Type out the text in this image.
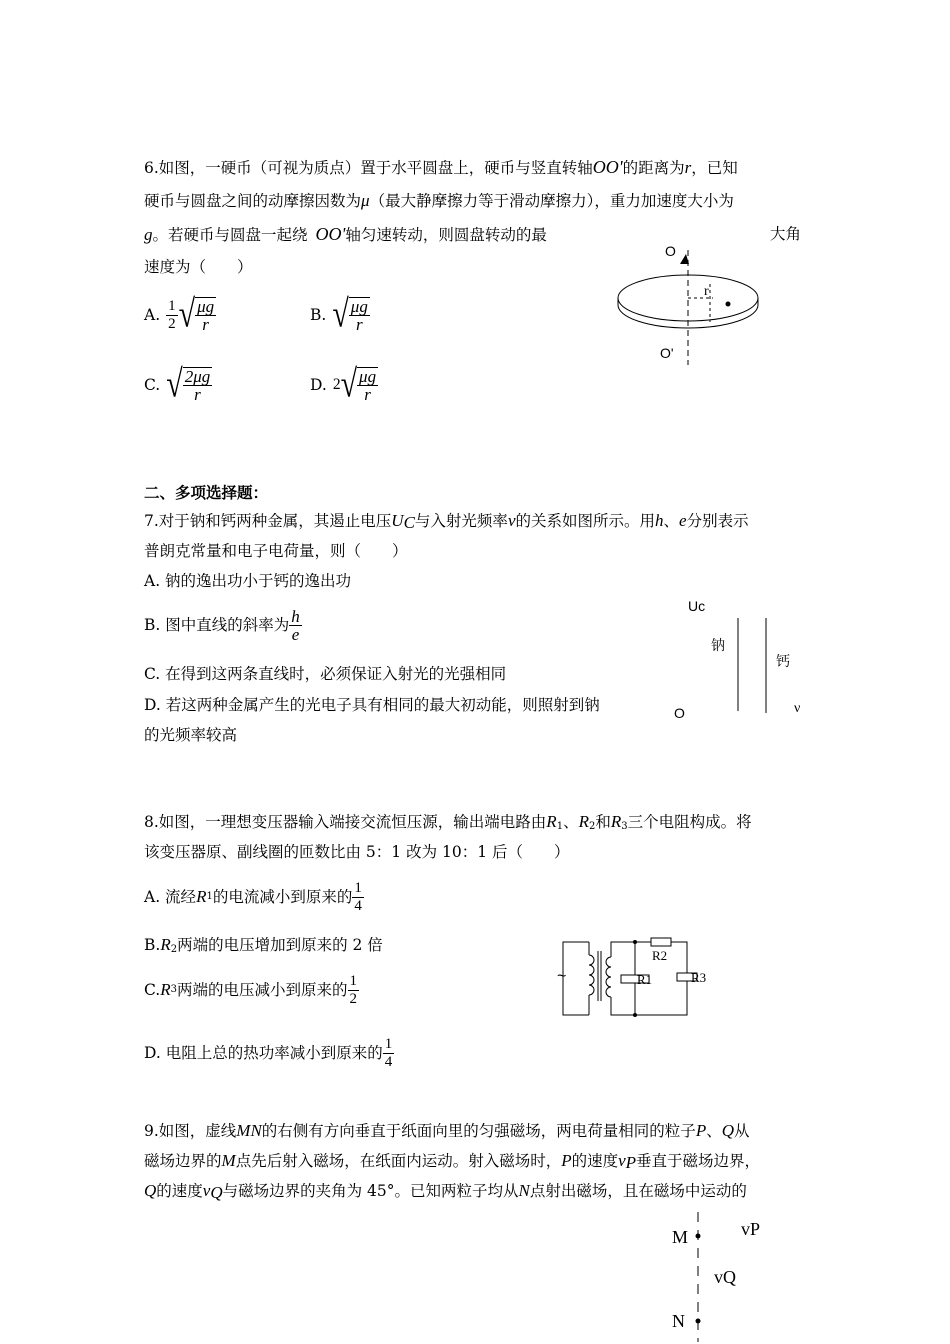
6.如图，一硬币（可视为质点）置于水平圆盘上，硬币与竖直转轴OO'的距离为r，已知
硬币与圆盘之间的动摩擦因数为μ（最大静摩擦力等于滑动摩擦力），重力加速度大小为
g。若硬币与圆盘一起绕 OO'轴匀速转动，则圆盘转动的最	大角
速度为（　　）
A. $\frac{1}{2}$ √ $\frac{\mu g}{r}$	B. √ $\frac{\mu g}{r}$
C. √ $\frac{2\mu g}{r}$	D. 2 √ $\frac{\mu g}{r}$
O
r
O'
二、多项选择题：
7.对于钠和钙两种金属，其遏止电压$U_C$与入射光频率ν的关系如图所示。用h、e分别表示
普朗克常量和电子电荷量，则（　　）
A. 钠的逸出功小于钙的逸出功
B. 图中直线的斜率为 $\frac{h}{e}$
C. 在得到这两条直线时，必须保证入射光的光强相同
D. 若这两种金属产生的光电子具有相同的最大初动能，则照射到钠
的光频率较高
Uc
钠
钙
O	ν
8.如图，一理想变压器输入端接交流恒压源，输出端电路由$R_1$、$R_2$和$R_3$三个电阻构成。将
该变压器原、副线圈的匝数比由 5：1 改为 10：1 后（　　）
A. 流经 R 1 的电流减小到原来的 $\frac{1}{4}$
$B.R_2$两端的电压增加到原来的 2 倍
C. R 3 两端的电压减小到原来的 $\frac{1}{2}$
D. 电阻上总的热功率减小到原来的 $\frac{1}{4}$
~	R1
R2
R3
9.如图，虚线MN的右侧有方向垂直于纸面向里的匀强磁场，两电荷量相同的粒子P、Q从
磁场边界的M点先后射入磁场，在纸面内运动。射入磁场时，P的速度$v_P$垂直于磁场边界，
Q的速度$v_Q$与磁场边界的夹角为 45°。已知两粒子均从N点射出磁场，且在磁场中运动的
M
N
vP
vQ
